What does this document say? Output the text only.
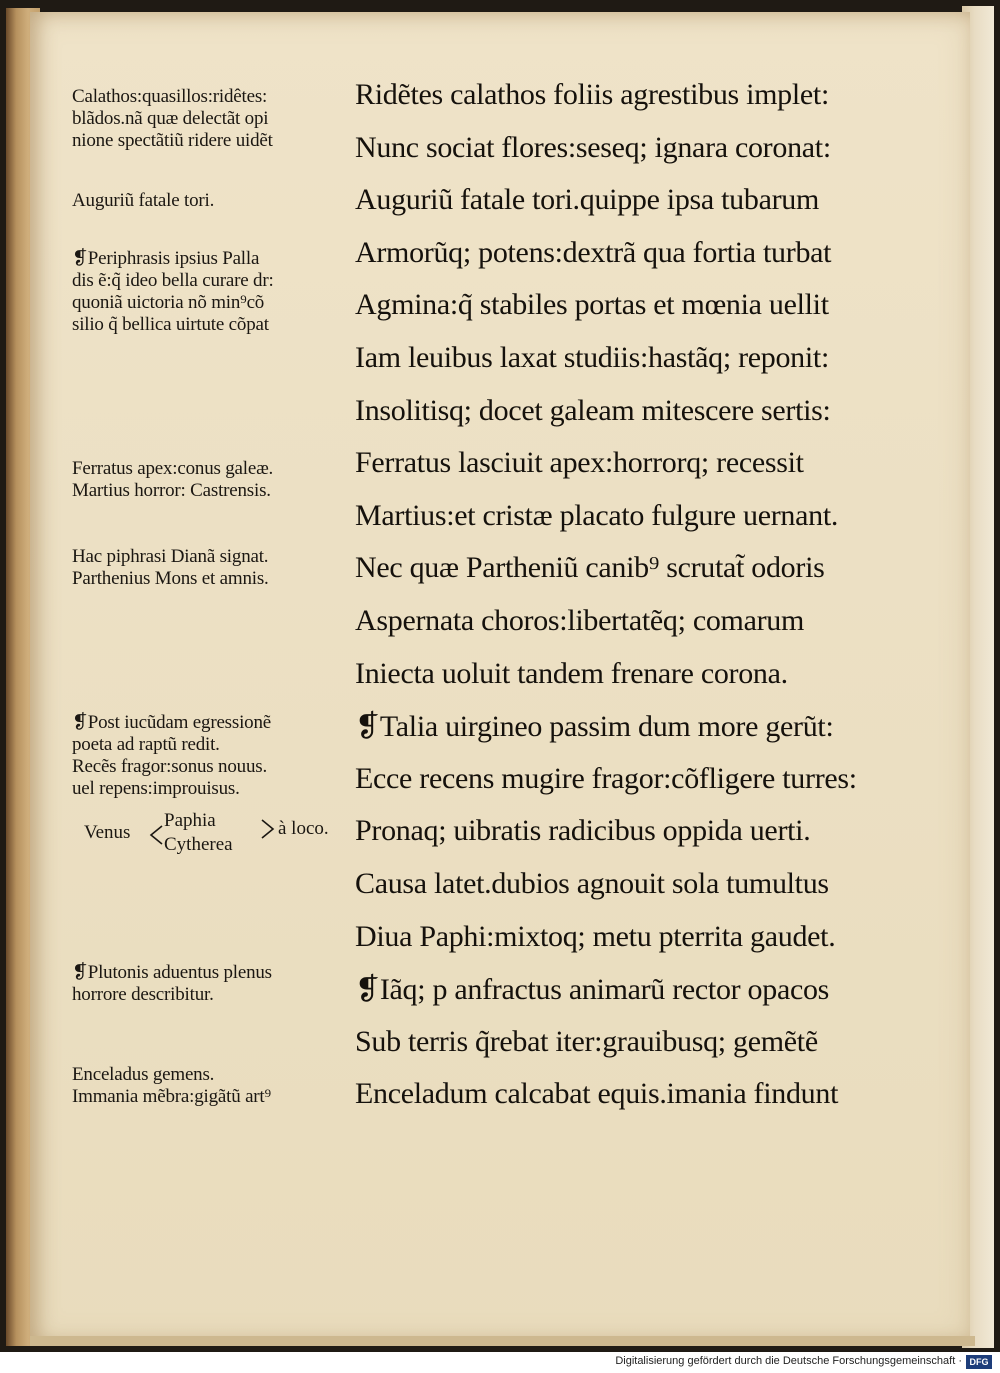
Calathos:quasillos:ridêtes:
blãdos.nã quæ delectãt opi
nione spectãtiũ ridere uidẽt
Auguriũ fatale tori.
❡Periphrasis ipsius Palla
dis ẽ:q̃ ideo bella curare dr:
quoniã uictoria nõ min⁹cõ
silio q̃ bellica uirtute cõpat
Ferratus apex:conus galeæ.
Martius horror: Castrensis.
Hac piphrasi Dianã signat.
Parthenius Mons et amnis.
❡Post iucũdam egressionẽ
poeta ad raptũ redit.
Recẽs fragor:sonus nouus.
uel repens:improuisus.
❡Plutonis aduentus plenus
horrore describitur.
Enceladus gemens.
Immania mẽbra:gigãtũ art⁹
Venus
Paphia
Cytherea
à loco.
Ridẽtes calathos foliis agrestibus implet:
Nunc sociat flores:seseq; ignara coronat:
Auguriũ fatale tori.quippe ipsa tubarum
Armorũq; potens:dextrã qua fortia turbat
Agmina:q̃ stabiles portas et mœnia uellit
Iam leuibus laxat studiis:hastãq; reponit:
Insolitisq; docet galeam mitescere sertis:
Ferratus lasciuit apex:horrorq; recessit
Martius:et cristæ placato fulgure uernant.
Nec quæ Partheniũ canib⁹ scrutat̃ odoris
Aspernata choros:libertatẽq; comarum
Iniecta uoluit tandem frenare corona.
❡Talia uirgineo passim dum more gerũt:
Ecce recens mugire fragor:cõfligere turres:
Pronaq; uibratis radicibus oppida uerti.
Causa latet.dubios agnouit sola tumultus
Diua Paphi:mixtoq; metu pterrita gaudet.
❡Iãq; p anfractus animarũ rector opacos
Sub terris q̃rebat iter:grauibusq; gemẽtẽ
Enceladum calcabat equis.imania findunt
Digitalisierung gefördert durch die Deutsche Forschungsgemeinschaft · DFG
